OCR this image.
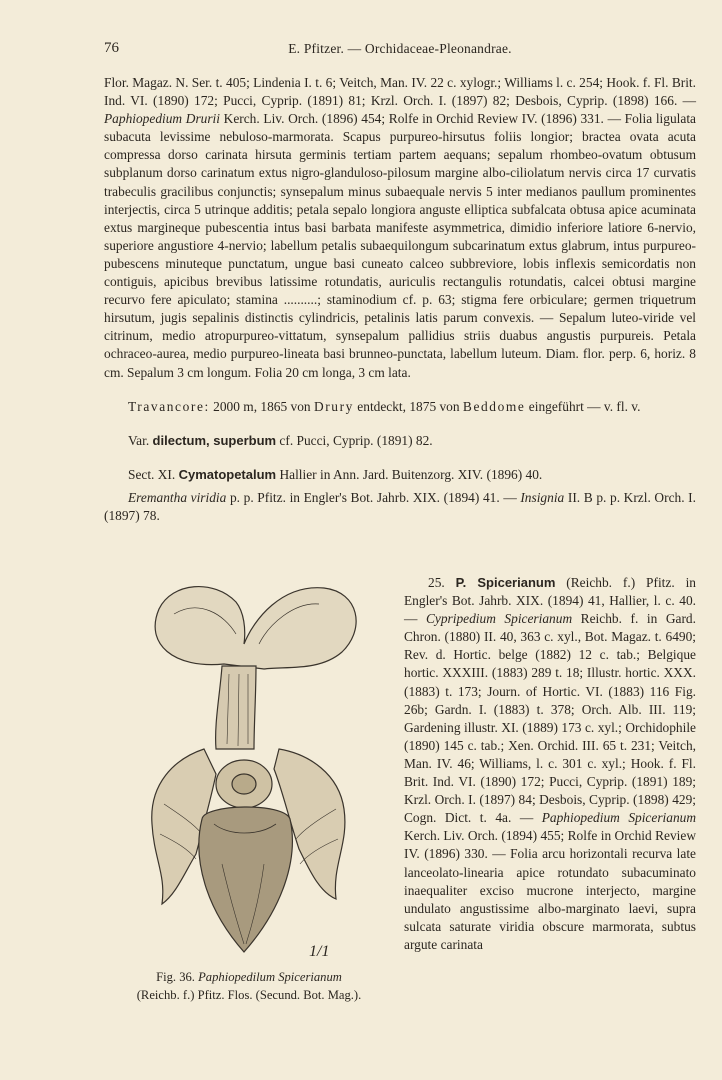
76	E. Pfitzer. — Orchidaceae-Pleonandrae.

Flor. Magaz. N. Ser. t. 405; Lindenia I. t. 6; Veitch, Man. IV. 22 c. xylogr.; Williams l. c. 254; Hook. f. Fl. Brit. Ind. VI. (1890) 172; Pucci, Cyprip. (1891) 81; Krzl. Orch. I. (1897) 82; Desbois, Cyprip. (1898) 166. — Paphiopedium Drurii Kerch. Liv. Orch. (1896) 454; Rolfe in Orchid Review IV. (1896) 331. — Folia ligulata subacuta levissime nebuloso-marmorata. Scapus purpureo-hirsutus foliis longior; bractea ovata acuta compressa dorso carinata hirsuta germinis tertiam partem aequans; sepalum rhombeo-ovatum obtusum subplanum dorso carinatum extus nigro-glanduloso-pilosum margine albo-ciliolatum nervis circa 17 curvatis trabeculis gracilibus conjunctis; synsepalum minus subaequale nervis 5 inter medianos paullum prominentes interjectis, circa 5 utrinque additis; petala sepalo longiora anguste elliptica subfalcata obtusa apice acuminata extus margineque pubescentia intus basi barbata manifeste asymmetrica, dimidio inferiore latiore 6-nervio, superiore angustiore 4-nervio; labellum petalis subaequilongum subcarinatum extus glabrum, intus purpureo-pubescens minuteque punctatum, ungue basi cuneato calceo subbreviore, lobis inflexis semicordatis non contiguis, apicibus brevibus latissime rotundatis, auriculis rectangulis rotundatis, calcei obtusi margine recurvo fere apiculato; stamina ..........; staminodium cf. p. 63; stigma fere orbiculare; germen triquetrum hirsutum, jugis sepalinis distinctis cylindricis, petalinis latis parum convexis. — Sepalum luteo-viride vel citrinum, medio atropurpureo-vittatum, synsepalum pallidius striis duabus angustis purpureis. Petala ochraceo-aurea, medio purpureo-lineata basi brunneo-punctata, labellum luteum. Diam. flor. perp. 6, horiz. 8 cm. Sepalum 3 cm longum. Folia 20 cm longa, 3 cm lata.

Travancore: 2000 m, 1865 von Drury entdeckt, 1875 von Beddome eingeführt — v. fl. v.

Var. dilectum, superbum cf. Pucci, Cyprip. (1891) 82.

Sect. XI. Cymatopetalum Hallier in Ann. Jard. Buitenzorg. XIV. (1896) 40.

Eremantha viridia p. p. Pfitz. in Engler's Bot. Jahrb. XIX. (1894) 41. — Insignia II. B p. p. Krzl. Orch. I. (1897) 78.

1/1
Fig. 36. Paphiopedilum Spicerianum
(Reichb. f.) Pfitz. Flos. (Secund. Bot. Mag.).

25. P. Spicerianum (Reichb. f.) Pfitz. in Engler's Bot. Jahrb. XIX. (1894) 41, Hallier, l. c. 40. — Cypripedium Spicerianum Reichb. f. in Gard. Chron. (1880) II. 40, 363 c. xyl., Bot. Magaz. t. 6490; Rev. d. Hortic. belge (1882) 12 c. tab.; Belgique hortic. XXXIII. (1883) 289 t. 18; Illustr. hortic. XXX. (1883) t. 173; Journ. of Hortic. VI. (1883) 116 Fig. 26b; Gardn. I. (1883) t. 378; Orch. Alb. III. 119; Gardening illustr. XI. (1889) 173 c. xyl.; Orchidophile (1890) 145 c. tab.; Xen. Orchid. III. 65 t. 231; Veitch, Man. IV. 46; Williams, l. c. 301 c. xyl.; Hook. f. Fl. Brit. Ind. VI. (1890) 172; Pucci, Cyprip. (1891) 189; Krzl. Orch. I. (1897) 84; Desbois, Cyprip. (1898) 429; Cogn. Dict. t. 4a. — Paphiopedium Spicerianum Kerch. Liv. Orch. (1894) 455; Rolfe in Orchid Review IV. (1896) 330. — Folia arcu horizontali recurva late lanceolato-linearia apice rotundato subacuminato inaequaliter exciso mucrone interjecto, margine undulato angustissime albo-marginato laevi, supra sulcata saturate viridia obscure marmorata, subtus argute carinata
